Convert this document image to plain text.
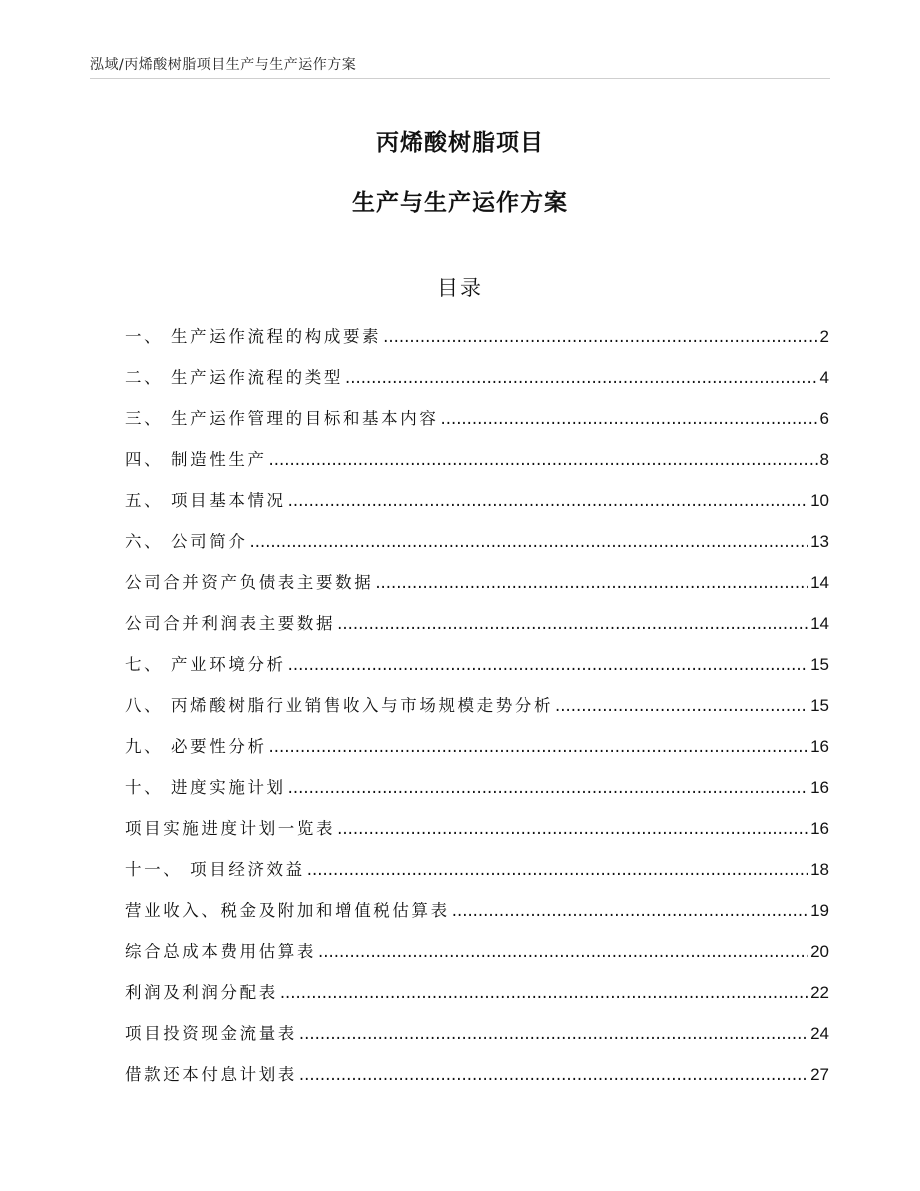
泓域/丙烯酸树脂项目生产与生产运作方案
丙烯酸树脂项目
生产与生产运作方案
目录
一、 生产运作流程的构成要素 .....	2
二、 生产运作流程的类型 .....	4
三、 生产运作管理的目标和基本内容 .....	6
四、 制造性生产 .....	8
五、 项目基本情况 .....	10
六、 公司简介 .....	13
公司合并资产负债表主要数据 .....	14
公司合并利润表主要数据 .....	14
七、 产业环境分析 .....	15
八、 丙烯酸树脂行业销售收入与市场规模走势分析 .....	15
九、 必要性分析 .....	16
十、 进度实施计划 .....	16
项目实施进度计划一览表 .....	16
十一、 项目经济效益 .....	18
营业收入、税金及附加和增值税估算表 .....	19
综合总成本费用估算表 .....	20
利润及利润分配表 .....	22
项目投资现金流量表 .....	24
借款还本付息计划表 .....	27
